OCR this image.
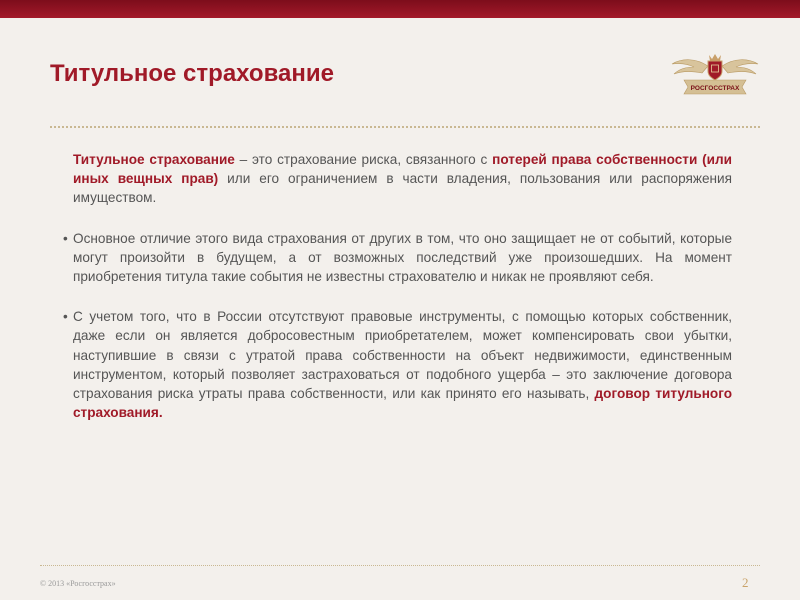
Титульное страхование
РОСГОССТРАХ

Титульное страхование – это страхование риска, связанного с потерей права собственности (или иных вещных прав) или его ограничением в части владения, пользования или распоряжения имуществом.

• Основное отличие этого вида страхования от других в том, что оно защищает не от событий, которые могут произойти в будущем, а от возможных последствий уже произошедших. На момент приобретения титула такие события не известны страхователю и никак не проявляют себя.

• С учетом того, что в России отсутствуют правовые инструменты, с помощью которых собственник, даже если он является добросовестным приобретателем, может компенсировать свои убытки, наступившие в связи с утратой права собственности на объект недвижимости, единственным инструментом, который позволяет застраховаться от подобного ущерба – это заключение договора страхования риска утраты права собственности, или как принято его называть, договор титульного страхования.

© 2013 «Росгосстрах»	2
